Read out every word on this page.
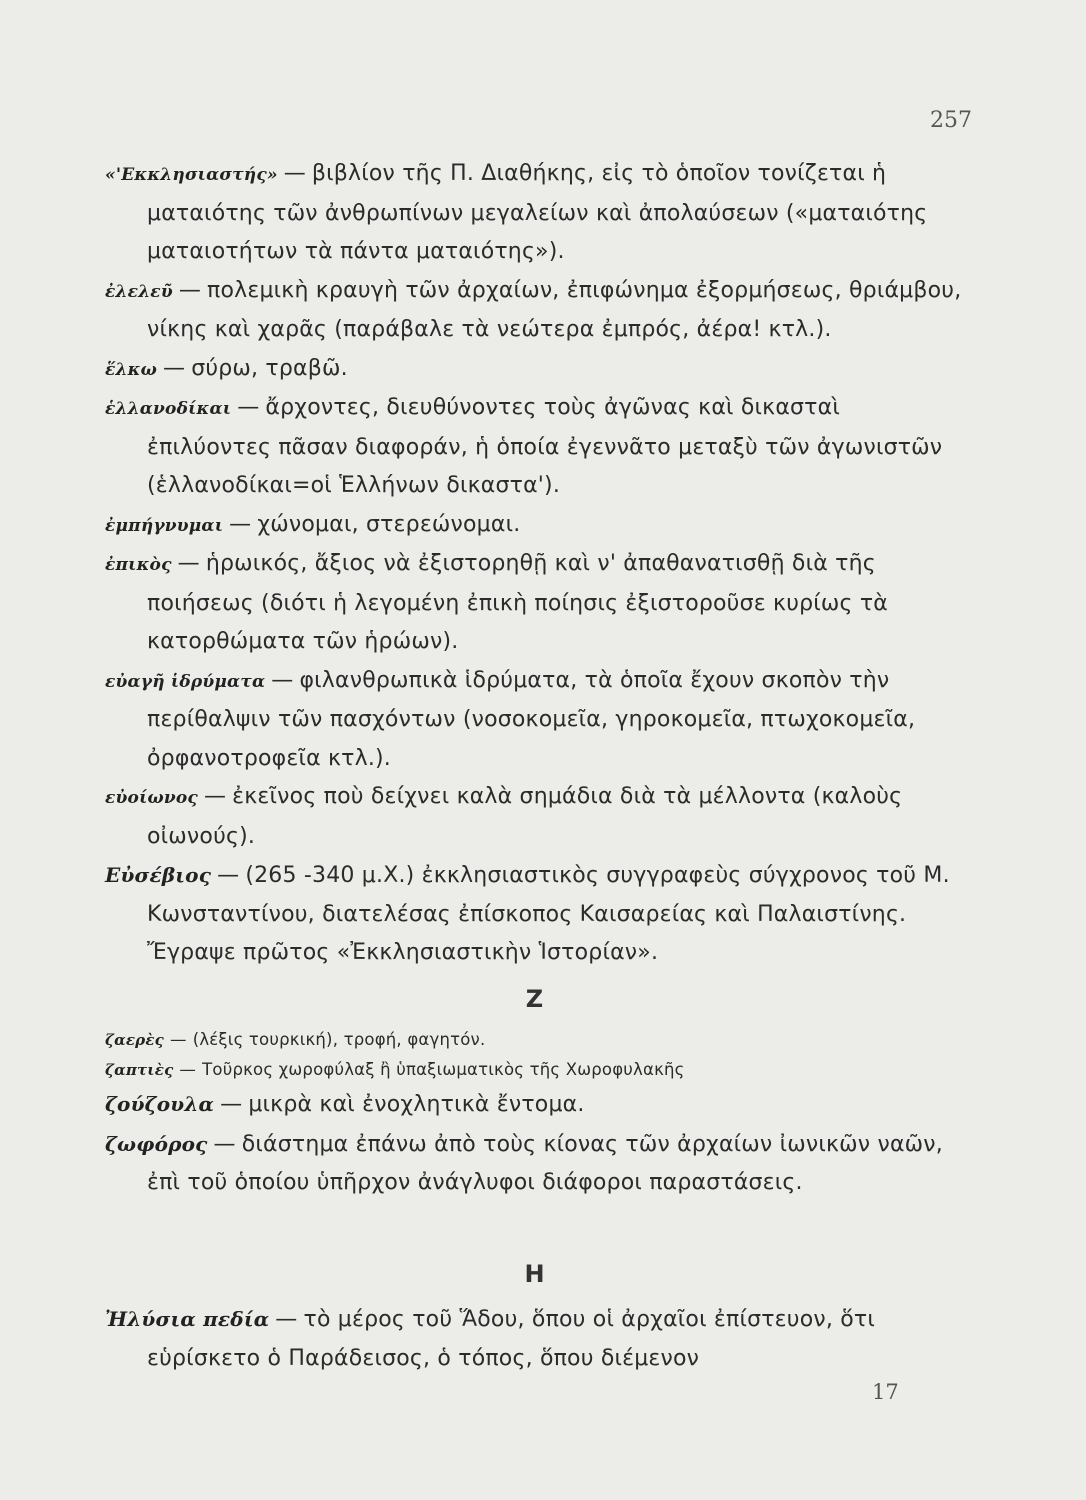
257

«'Εκκλησιαστής» — βιβλίον τῆς Π. Διαθήκης, εἰς τὸ ὁποῖον τονίζεται ἡ ματαιότης τῶν ἀνθρωπίνων μεγαλείων καὶ ἀπολαύσεων («ματαιότης ματαιοτήτων τὰ πάντα ματαιότης»).

ἐλελεῦ — πολεμικὴ κραυγὴ τῶν ἀρχαίων, ἐπιφώνημα ἐξορμήσεως, θριάμβου, νίκης καὶ χαρᾶς (παράβαλε τὰ νεώτερα ἐμπρός, ἀέρα! κτλ.).

ἕλκω — σύρω, τραβῶ.

ἑλλανοδίκαι — ἄρχοντες, διευθύνοντες τοὺς ἀγῶνας καὶ δικασταὶ ἐπιλύοντες πᾶσαν διαφοράν, ἡ ὁποία ἐγεννᾶτο μεταξὺ τῶν ἀγωνιστῶν (ἑλλανοδίκαι=οἱ Ἑλλήνων δικαστα').

ἐμπήγνυμαι — χώνομαι, στερεώνομαι.

ἐπικὸς — ἡρωικός, ἄξιος νὰ ἐξιστορηθῇ καὶ ν' ἀπαθανατισθῇ διὰ τῆς ποιήσεως (διότι ἡ λεγομένη ἐπικὴ ποίησις ἐξιστοροῦσε κυρίως τὰ κατορθώματα τῶν ἡρώων).

εὐαγῆ ἱδρύματα — φιλανθρωπικὰ ἱδρύματα, τὰ ὁποῖα ἔχουν σκοπὸν τὴν περίθαλψιν τῶν πασχόντων (νοσοκομεῖα, γηροκομεῖα, πτωχοκομεῖα, ὀρφανοτροφεῖα κτλ.).

εὐοίωνος — ἐκεῖνος ποὺ δείχνει καλὰ σημάδια διὰ τὰ μέλλοντα (καλοὺς οἰωνούς).

Εὐσέβιος — (265 -340 μ.Χ.) ἐκκλησιαστικὸς συγγραφεὺς σύγχρονος τοῦ Μ. Κωνσταντίνου, διατελέσας ἐπίσκοπος Καισαρείας καὶ Παλαιστίνης. Ἔγραψε πρῶτος «Ἐκκλησιαστικὴν Ἱστορίαν».

Z

ζαερὲς — (λέξις τουρκική), τροφή, φαγητόν.

ζαπτιὲς — Τοῦρκος χωροφύλαξ ἢ ὑπαξιωματικὸς τῆς Χωροφυλακῆς

ζούζουλα — μικρὰ καὶ ἐνοχλητικὰ ἔντομα.

ζωφόρος — διάστημα ἐπάνω ἀπὸ τοὺς κίονας τῶν ἀρχαίων ἰωνικῶν ναῶν, ἐπὶ τοῦ ὁποίου ὑπῆρχον ἀνάγλυφοι διάφοροι παραστάσεις.

H

Ἠλύσια πεδία — τὸ μέρος τοῦ Ἅδου, ὅπου οἱ ἀρχαῖοι ἐπίστευον, ὅτι εὑρίσκετο ὁ Παράδεισος, ὁ τόπος, ὅπου διέμενον

17
